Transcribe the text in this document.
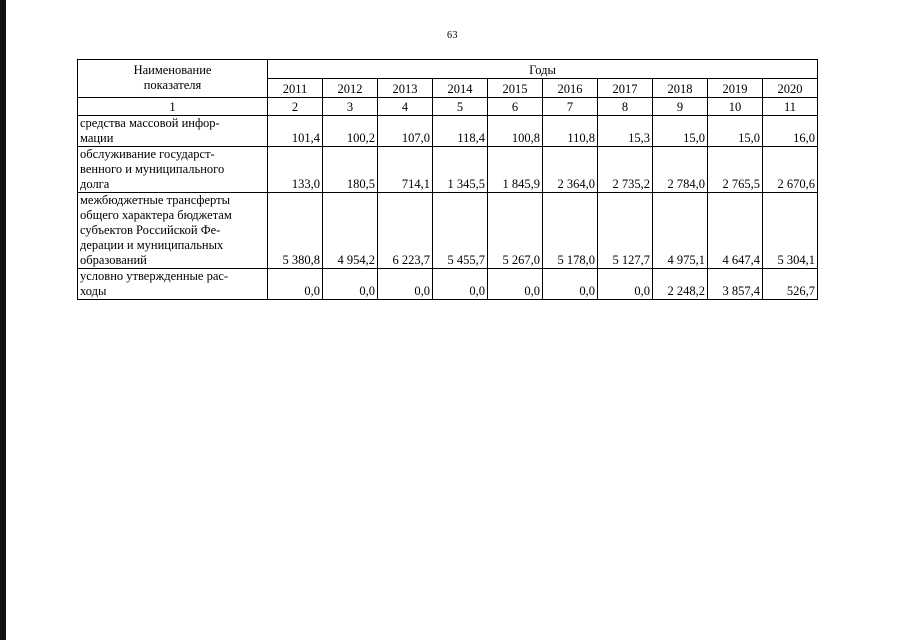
63
Наименование
показателя	Годы									
	2011	2012	2013	2014	2015	2016	2017	2018	2019	2020
1	2	3	4	5	6	7	8	9	10	11

средства массовой инфор-
мации	101,4	100,2	107,0	118,4	100,8	110,8	15,3	15,0	15,0	16,0

обслуживание государст-
венного и муниципального
долга	133,0	180,5	714,1	1 345,5	1 845,9	2 364,0	2 735,2	2 784,0	2 765,5	2 670,6

межбюджетные трансферты
общего характера бюджетам
субъектов Российской Фе-
дерации и муниципальных
образований	5 380,8	4 954,2	6 223,7	5 455,7	5 267,0	5 178,0	5 127,7	4 975,1	4 647,4	5 304,1

условно утвержденные рас-
ходы	0,0	0,0	0,0	0,0	0,0	0,0	0,0	2 248,2	3 857,4	526,7
